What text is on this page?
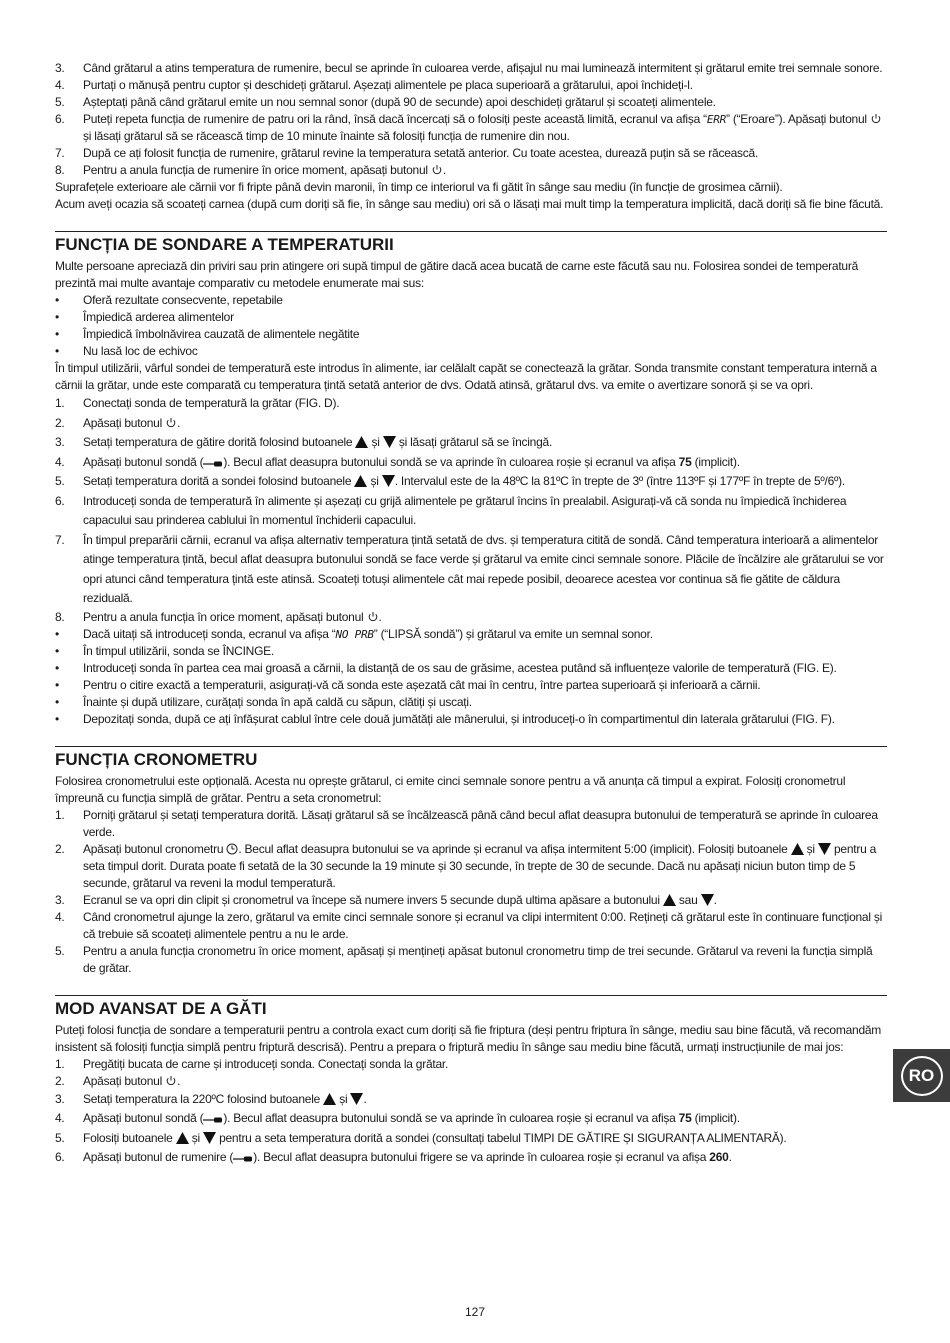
3.	Când grătarul a atins temperatura de rumenire, becul se aprinde în culoarea verde, afișajul nu mai luminează intermitent și grătarul emite trei semnale sonore.
4.	Purtați o mănușă pentru cuptor și deschideți grătarul. Așezați alimentele pe placa superioară a grătarului, apoi închideți-l.
5.	Așteptați până când grătarul emite un nou semnal sonor (după 90 de secunde) apoi deschideți grătarul și scoateți alimentele.
6.	Puteți repeta funcția de rumenire de patru ori la rând, însă dacă încercați să o folosiți peste această limită, ecranul va afișa “ERR” (“Eroare”). Apăsați butonul  și lăsați grătarul să se răcească timp de 10 minute înainte să folosiți funcția de rumenire din nou.
7.	După ce ați folosit funcția de rumenire, grătarul revine la temperatura setată anterior. Cu toate acestea, durează puțin să se răcească.
8.	Pentru a anula funcția de rumenire în orice moment, apăsați butonul .

Suprafețele exterioare ale cărnii vor fi fripte până devin maronii, în timp ce interiorul va fi gătit în sânge sau mediu (în funcție de grosimea cărnii).

Acum aveți ocazia să scoateți carnea (după cum doriți să fie, în sânge sau mediu) ori să o lăsați mai mult timp la temperatura implicită, dacă doriți să fie bine făcută.

FUNCȚIA DE SONDARE A TEMPERATURII

Multe persoane apreciază din priviri sau prin atingere ori supă timpul de gătire dacă acea bucată de carne este făcută sau nu. Folosirea sondei de temperatură prezintă mai multe avantaje comparativ cu metodele enumerate mai sus:

•	Oferă rezultate consecvente, repetabile
•	Împiedică arderea alimentelor
•	Împiedică îmbolnăvirea cauzată de alimentele negătite
•	Nu lasă loc de echivoc

În timpul utilizării, vârful sondei de temperatură este introdus în alimente, iar celălalt capăt se conectează la grătar. Sonda transmite constant temperatura internă a cărnii la grătar, unde este comparată cu temperatura țintă setată anterior de dvs. Odată atinsă, grătarul dvs. va emite o avertizare sonoră și se va opri.

1.	Conectați sonda de temperatură la grătar (FIG. D).
2.	Apăsați butonul .
3.	Setați temperatura de gătire dorită folosind butoanele  și  și lăsați grătarul să se încingă.
4.	Apăsați butonul sondă ( ). Becul aflat deasupra butonului sondă se va aprinde în culoarea roșie și ecranul va afișa 75 (implicit).
5.	Setați temperatura dorită a sondei folosind butoanele  și . Intervalul este de la 48ºC la 81ºC în trepte de 3º (între 113ºF și 177ºF în trepte de 5º/6º).
6.	Introduceți sonda de temperatură în alimente și așezați cu grijă alimentele pe grătarul încins în prealabil. Asigurați-vă că sonda nu împiedică închiderea capacului sau prinderea cablului în momentul închiderii capacului.
7.	În timpul preparării cărnii, ecranul va afișa alternativ temperatura țintă setată de dvs. și temperatura citită de sondă. Când temperatura interioară a alimentelor atinge temperatura țintă, becul aflat deasupra butonului sondă se face verde și grătarul va emite cinci semnale sonore. Plăcile de încălzire ale grătarului se vor opri atunci când temperatura țintă este atinsă. Scoateți totuși alimentele cât mai repede posibil, deoarece acestea vor continua să fie gătite de căldura reziduală.
8.	Pentru a anula funcția în orice moment, apăsați butonul .
•	Dacă uitați să introduceți sonda, ecranul va afișa “NO PRB” (“LIPSĂ sondă”) și grătarul va emite un semnal sonor.
•	În timpul utilizării, sonda se ÎNCINGE.
•	Introduceți sonda în partea cea mai groasă a cărnii, la distanță de os sau de grăsime, acestea putând să influențeze valorile de temperatură (FIG. E).
•	Pentru o citire exactă a temperaturii, asigurați-vă că sonda este așezată cât mai în centru, între partea superioară și inferioară a cărnii.
•	Înainte și după utilizare, curățați sonda în apă caldă cu săpun, clătiți și uscați.
•	Depozitați sonda, după ce ați înfășurat cablul între cele două jumătăți ale mânerului, și introduceți-o în compartimentul din laterala grătarului (FIG. F).
FUNCȚIA CRONOMETRU

Folosirea cronometrului este opțională. Acesta nu oprește grătarul, ci emite cinci semnale sonore pentru a vă anunța că timpul a expirat. Folosiți cronometrul împreună cu funcția simplă de grătar. Pentru a seta cronometrul:

1.	Porniți grătarul și setați temperatura dorită. Lăsați grătarul să se încălzească până când becul aflat deasupra butonului de temperatură se aprinde în culoarea verde.
2.	Apăsați butonul cronometru . Becul aflat deasupra butonului se va aprinde și ecranul va afișa intermitent 5:00 (implicit). Folosiți butoanele  și  pentru a seta timpul dorit. Durata poate fi setată de la 30 secunde la 19 minute și 30 secunde, în trepte de 30 de secunde. Dacă nu apăsați niciun buton timp de 5 secunde, grătarul va reveni la modul temperatură.
3.	Ecranul se va opri din clipit și cronometrul va începe să numere invers 5 secunde după ultima apăsare a butonului  sau .
4.	Când cronometrul ajunge la zero, grătarul va emite cinci semnale sonore și ecranul va clipi intermitent 0:00. Rețineți că grătarul este în continuare funcțional și că trebuie să scoateți alimentele pentru a nu le arde.
5.	Pentru a anula funcția cronometru în orice moment, apăsați și mențineți apăsat butonul cronometru timp de trei secunde. Grătarul va reveni la funcția simplă de grătar.
MOD AVANSAT DE A GĂTI

Puteți folosi funcția de sondare a temperaturii pentru a controla exact cum doriți să fie friptura (deși pentru friptura în sânge, mediu sau bine făcută, vă recomandăm insistent să folosiți funcția simplă pentru friptură descrisă). Pentru a prepara o friptură mediu în sânge sau mediu bine făcută, urmați instrucțiunile de mai jos:

1.	Pregătiți bucata de carne și introduceți sonda. Conectați sonda la grătar.
2.	Apăsați butonul .
3.	Setați temperatura la 220ºC folosind butoanele  și .
4.	Apăsați butonul sondă ( ). Becul aflat deasupra butonului sondă se va aprinde în culoarea roșie și ecranul va afișa 75 (implicit).
5.	Folosiți butoanele  și  pentru a seta temperatura dorită a sondei (consultați tabelul TIMPI DE GĂTIRE ȘI SIGURANȚA ALIMENTARĂ).
6.	Apăsați butonul de rumenire ( ). Becul aflat deasupra butonului frigere se va aprinde în culoarea roșie și ecranul va afișa 260.
RO
127
